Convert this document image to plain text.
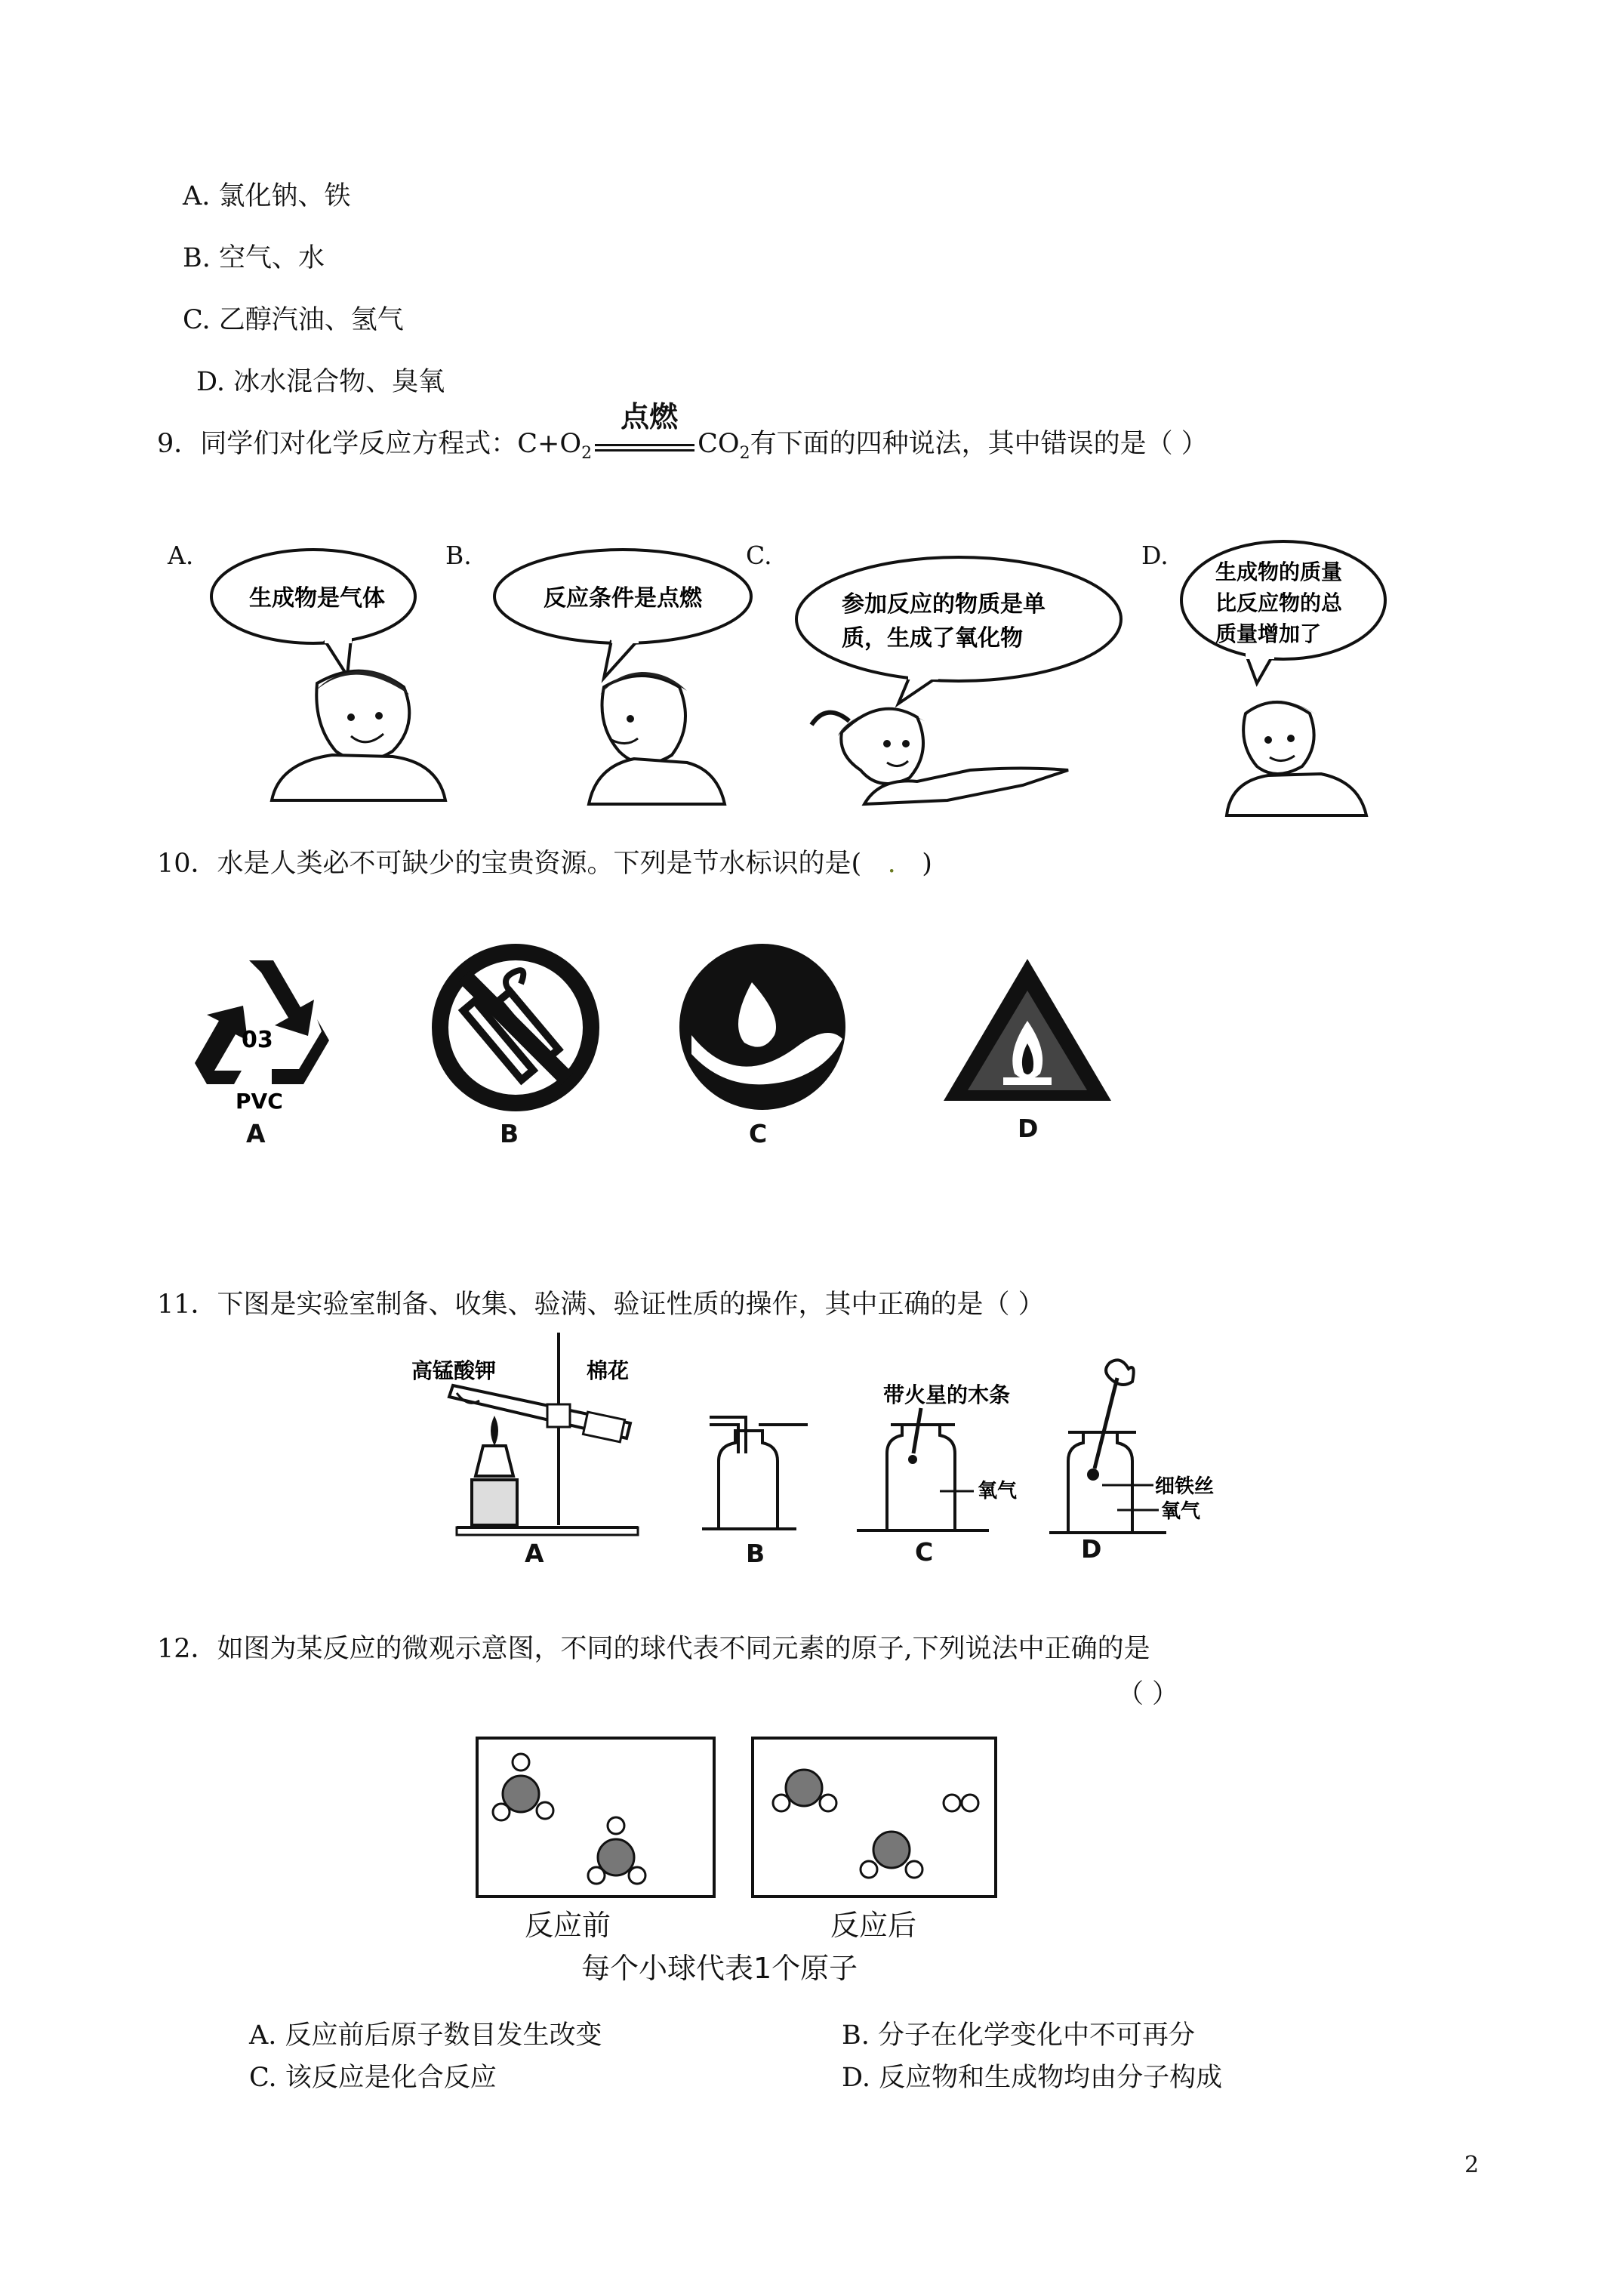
A. 氯化钠、铁
B. 空气、水
C. 乙醇汽油、氢气
D. 冰水混合物、臭氧
9．同学们对化学反应方程式：$C+O_2$
点燃
$CO_2$有下面的四种说法，其中错误的是（ ）
A.	B.	C.	D.
生成物是气体	反应条件是点燃	参加反应的物质是单
质，生成了氧化物
生成物的质量
比反应物的总
质量增加了
10．水是人类必不可缺少的宝贵资源。下列是节水标识的是( . )
03
PVC
A	B	C	D
11．下图是实验室制备、收集、验满、验证性质的操作，其中正确的是（ ）
高锰酸钾	棉花
A	B
带火星的木条
氧气
C
细铁丝
氧气
D
12．如图为某反应的微观示意图，不同的球代表不同元素的原子,下列说法中正确的是
（ ）
反应前	反应后
每个小球代表1个原子
A. 反应前后原子数目发生改变	B. 分子在化学变化中不可再分
C. 该反应是化合反应	D. 反应物和生成物均由分子构成
2
